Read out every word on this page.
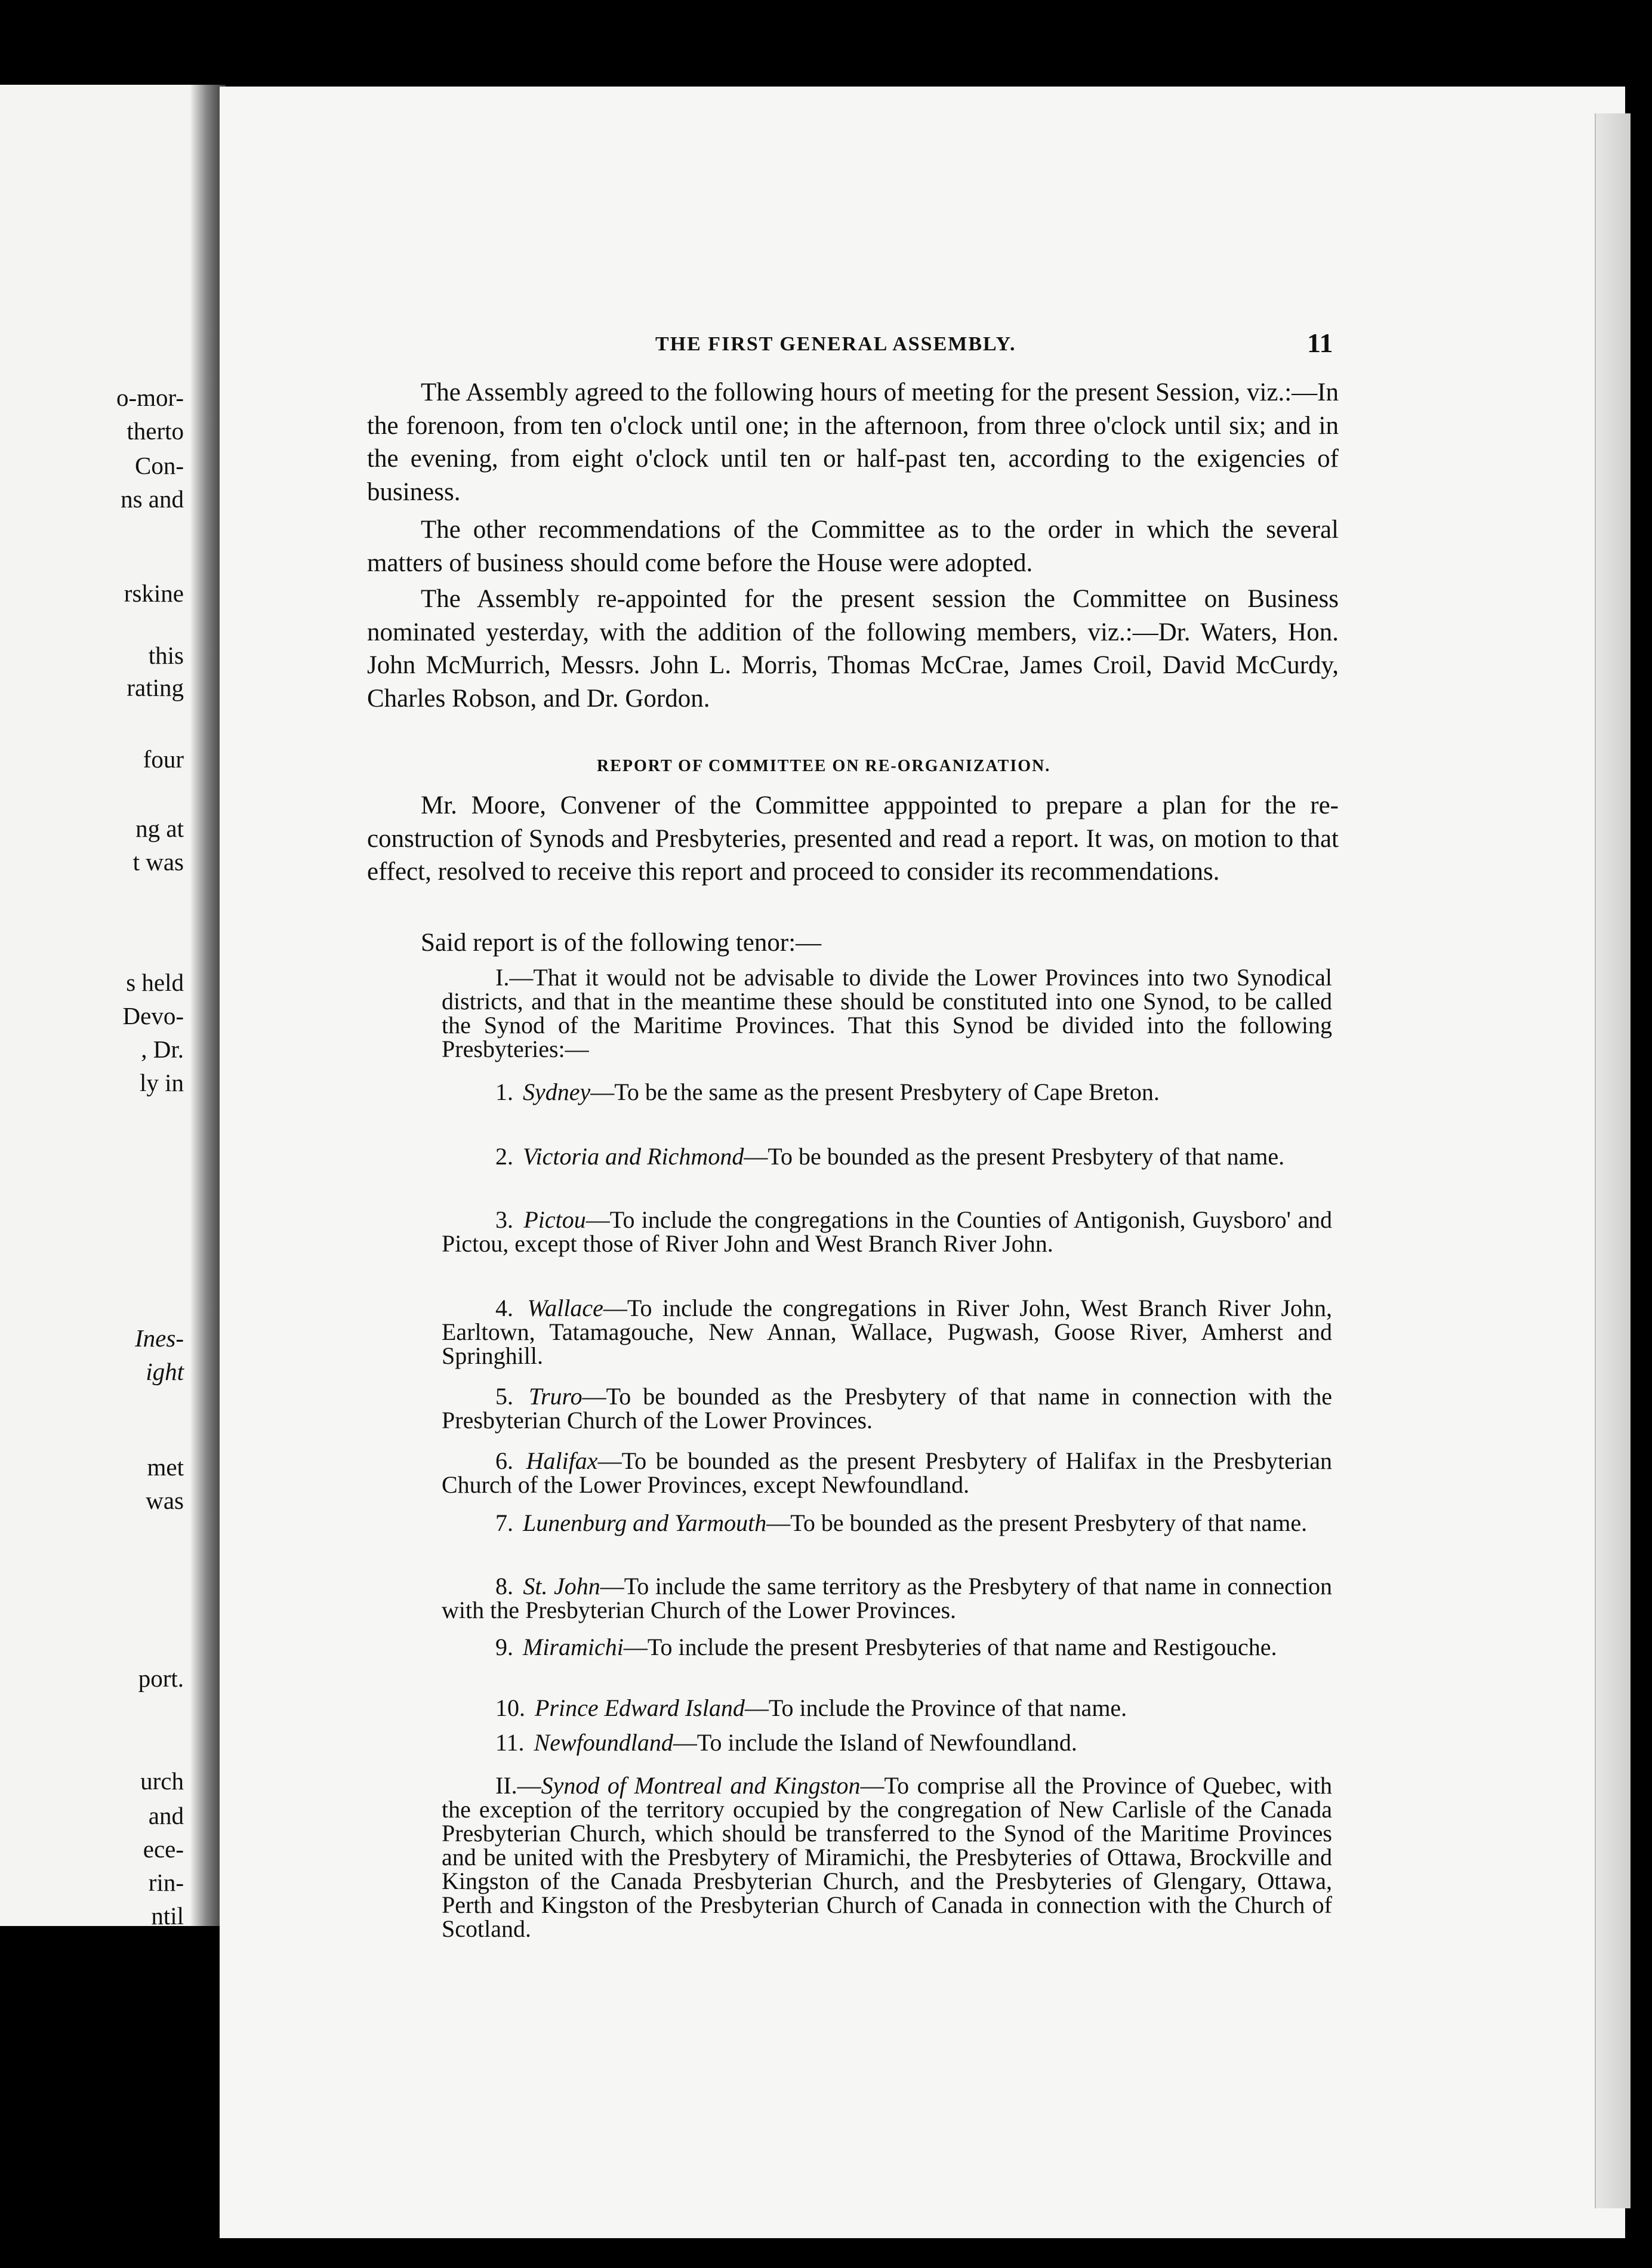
o-mor-
therto
Con-
ns and
rskine
this
rating
four
ng at
t was
s held
Devo-
, Dr.
ly in
Ines-
ight
met
was
port.
urch
and
ece-
rin-
ntil
THE FIRST GENERAL ASSEMBLY.	11

The Assembly agreed to the following hours of meeting for the present Session, viz.:—In the forenoon, from ten o'clock until one; in the afternoon, from three o'clock until six; and in the evening, from eight o'clock until ten or half-past ten, according to the exigencies of business.

The other recommendations of the Committee as to the order in which the several matters of business should come before the House were adopted.

The Assembly re-appointed for the present session the Committee on Business nominated yesterday, with the addition of the following members, viz.:—Dr. Waters, Hon. John McMurrich, Messrs. John L. Morris, Thomas McCrae, James Croil, David McCurdy, Charles Robson, and Dr. Gordon.

REPORT OF COMMITTEE ON RE-ORGANIZATION.

Mr. Moore, Convener of the Committee apppointed to prepare a plan for the re-construction of Synods and Presbyteries, presented and read a report. It was, on motion to that effect, resolved to receive this report and proceed to consider its recommendations.

Said report is of the following tenor:—

I.—That it would not be advisable to divide the Lower Provinces into two Synodical districts, and that in the meantime these should be constituted into one Synod, to be called the Synod of the Maritime Provinces. That this Synod be divided into the following Presbyteries:—

1. Sydney—To be the same as the present Presbytery of Cape Breton.

2. Victoria and Richmond—To be bounded as the present Presbytery of that name.

3. Pictou—To include the congregations in the Counties of Antigonish, Guysboro' and Pictou, except those of River John and West Branch River John.

4. Wallace—To include the congregations in River John, West Branch River John, Earltown, Tatamagouche, New Annan, Wallace, Pugwash, Goose River, Amherst and Springhill.

5. Truro—To be bounded as the Presbytery of that name in connection with the Presbyterian Church of the Lower Provinces.

6. Halifax—To be bounded as the present Presbytery of Halifax in the Presbyterian Church of the Lower Provinces, except Newfoundland.

7. Lunenburg and Yarmouth—To be bounded as the present Presbytery of that name.

8. St. John—To include the same territory as the Presbytery of that name in connection with the Presbyterian Church of the Lower Provinces.

9. Miramichi—To include the present Presbyteries of that name and Restigouche.

10. Prince Edward Island—To include the Province of that name.

11. Newfoundland—To include the Island of Newfoundland.

II.—Synod of Montreal and Kingston—To comprise all the Province of Quebec, with the exception of the territory occupied by the congregation of New Carlisle of the Canada Presbyterian Church, which should be transferred to the Synod of the Maritime Provinces and be united with the Presbytery of Miramichi, the Presbyteries of Ottawa, Brockville and Kingston of the Canada Presbyterian Church, and the Presbyteries of Glengary, Ottawa, Perth and Kingston of the Presbyterian Church of Canada in connection with the Church of Scotland.
